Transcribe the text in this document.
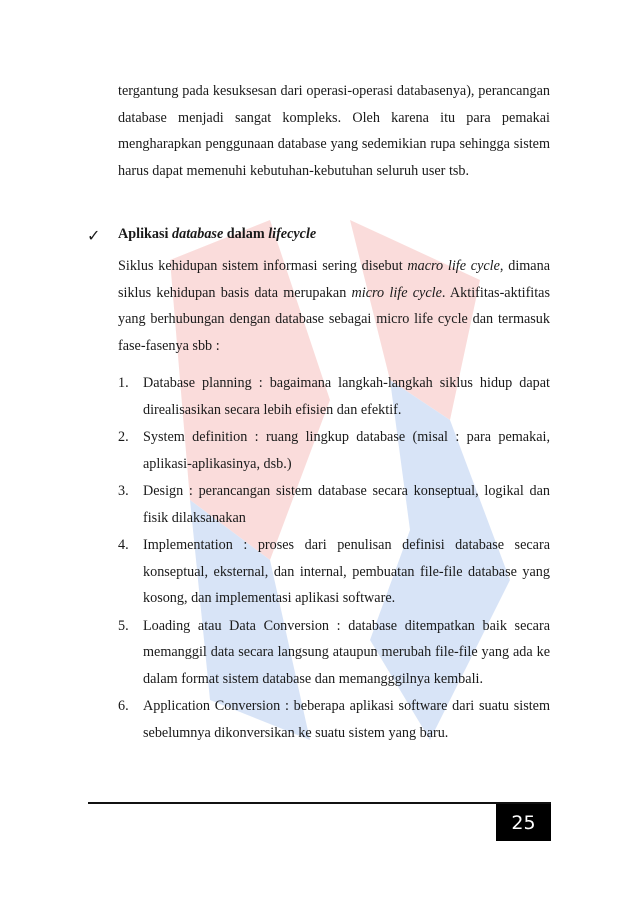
tergantung pada kesuksesan dari operasi-operasi databasenya), perancangan database menjadi sangat kompleks. Oleh karena itu para pemakai mengharapkan penggunaan database yang sedemikian rupa sehingga sistem harus dapat memenuhi kebutuhan-kebutuhan seluruh user tsb.

✓ Aplikasi database dalam lifecycle

Siklus kehidupan sistem informasi sering disebut macro life cycle, dimana siklus kehidupan basis data merupakan micro life cycle. Aktifitas-aktifitas yang berhubungan dengan database sebagai micro life cycle dan termasuk fase-fasenya sbb :

1. Database planning : bagaimana langkah-langkah siklus hidup dapat direalisasikan secara lebih efisien dan efektif.
2. System definition : ruang lingkup database (misal : para pemakai, aplikasi-aplikasinya, dsb.)
3. Design : perancangan sistem database secara konseptual, logikal dan fisik dilaksanakan
4. Implementation : proses dari penulisan definisi database secara konseptual, eksternal, dan internal, pembuatan file-file database yang kosong, dan implementasi aplikasi software.
5. Loading atau Data Conversion : database ditempatkan baik secara memanggil data secara langsung ataupun merubah file-file yang ada ke dalam format sistem database dan memangggilnya kembali.
6. Application Conversion : beberapa aplikasi software dari suatu sistem sebelumnya dikonversikan ke suatu sistem yang baru.
25
